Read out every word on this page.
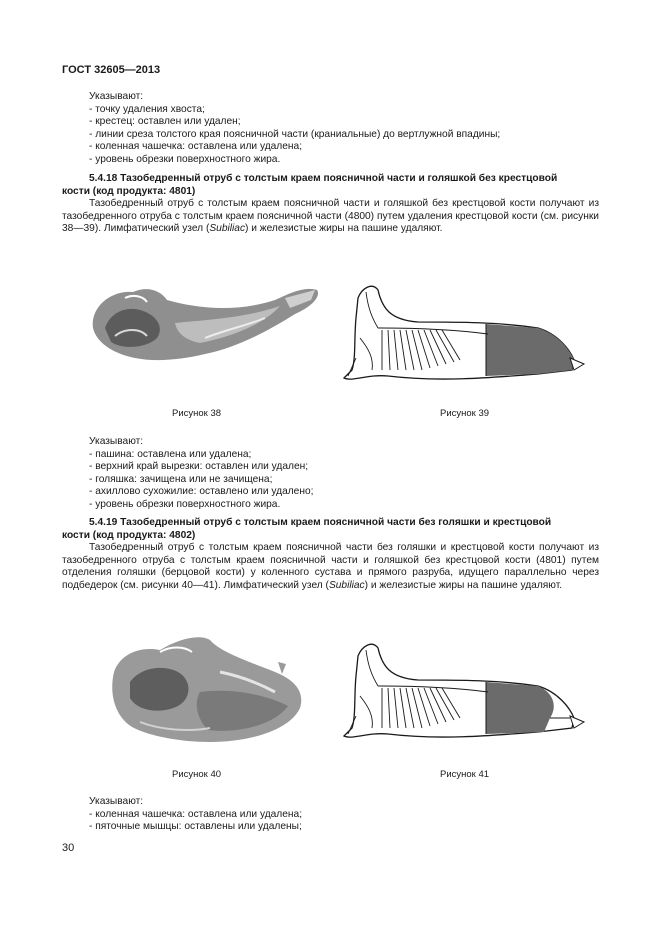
ГОСТ 32605—2013

Указывают:

- точку удаления хвоста;
- крестец: оставлен или удален;
- линии среза толстого края поясничной части (краниальные) до вертлужной впадины;
- коленная чашечка: оставлена или удалена;
- уровень обрезки поверхностного жира.

5.4.18 Тазобедренный отруб с толстым краем поясничной части и голяшкой без крестцовой

кости (код продукта: 4801)

Тазобедренный отруб с толстым краем поясничной части и голяшкой без крестцовой кости получают из тазобедренного отруба с толстым краем поясничной части (4800) путем удаления крестцовой кости (см. рисунки 38—39). Лимфатический узел (Subiliac) и железистые жиры на пашине удаляют.

Рисунок 38	Рисунок 39

Указывают:

- пашина: оставлена или удалена;
- верхний край вырезки: оставлен или удален;
- голяшка: зачищена или не зачищена;
- ахиллово сухожилие: оставлено или удалено;
- уровень обрезки поверхностного жира.

5.4.19 Тазобедренный отруб с толстым краем поясничной части без голяшки и крестцовой

кости (код продукта: 4802)

Тазобедренный отруб с толстым краем поясничной части без голяшки и крестцовой кости получают из тазобедренного отруба с толстым краем поясничной части и голяшкой без крестцовой кости (4801) путем отделения голяшки (берцовой кости) у коленного сустава и прямого разруба, идущего параллельно через подбедерок (см. рисунки 40—41). Лимфатический узел (Subiliac) и железистые жиры на пашине удаляют.

Рисунок 40	Рисунок 41

Указывают:

- коленная чашечка: оставлена или удалена;
- пяточные мышцы: оставлены или удалены;
30
